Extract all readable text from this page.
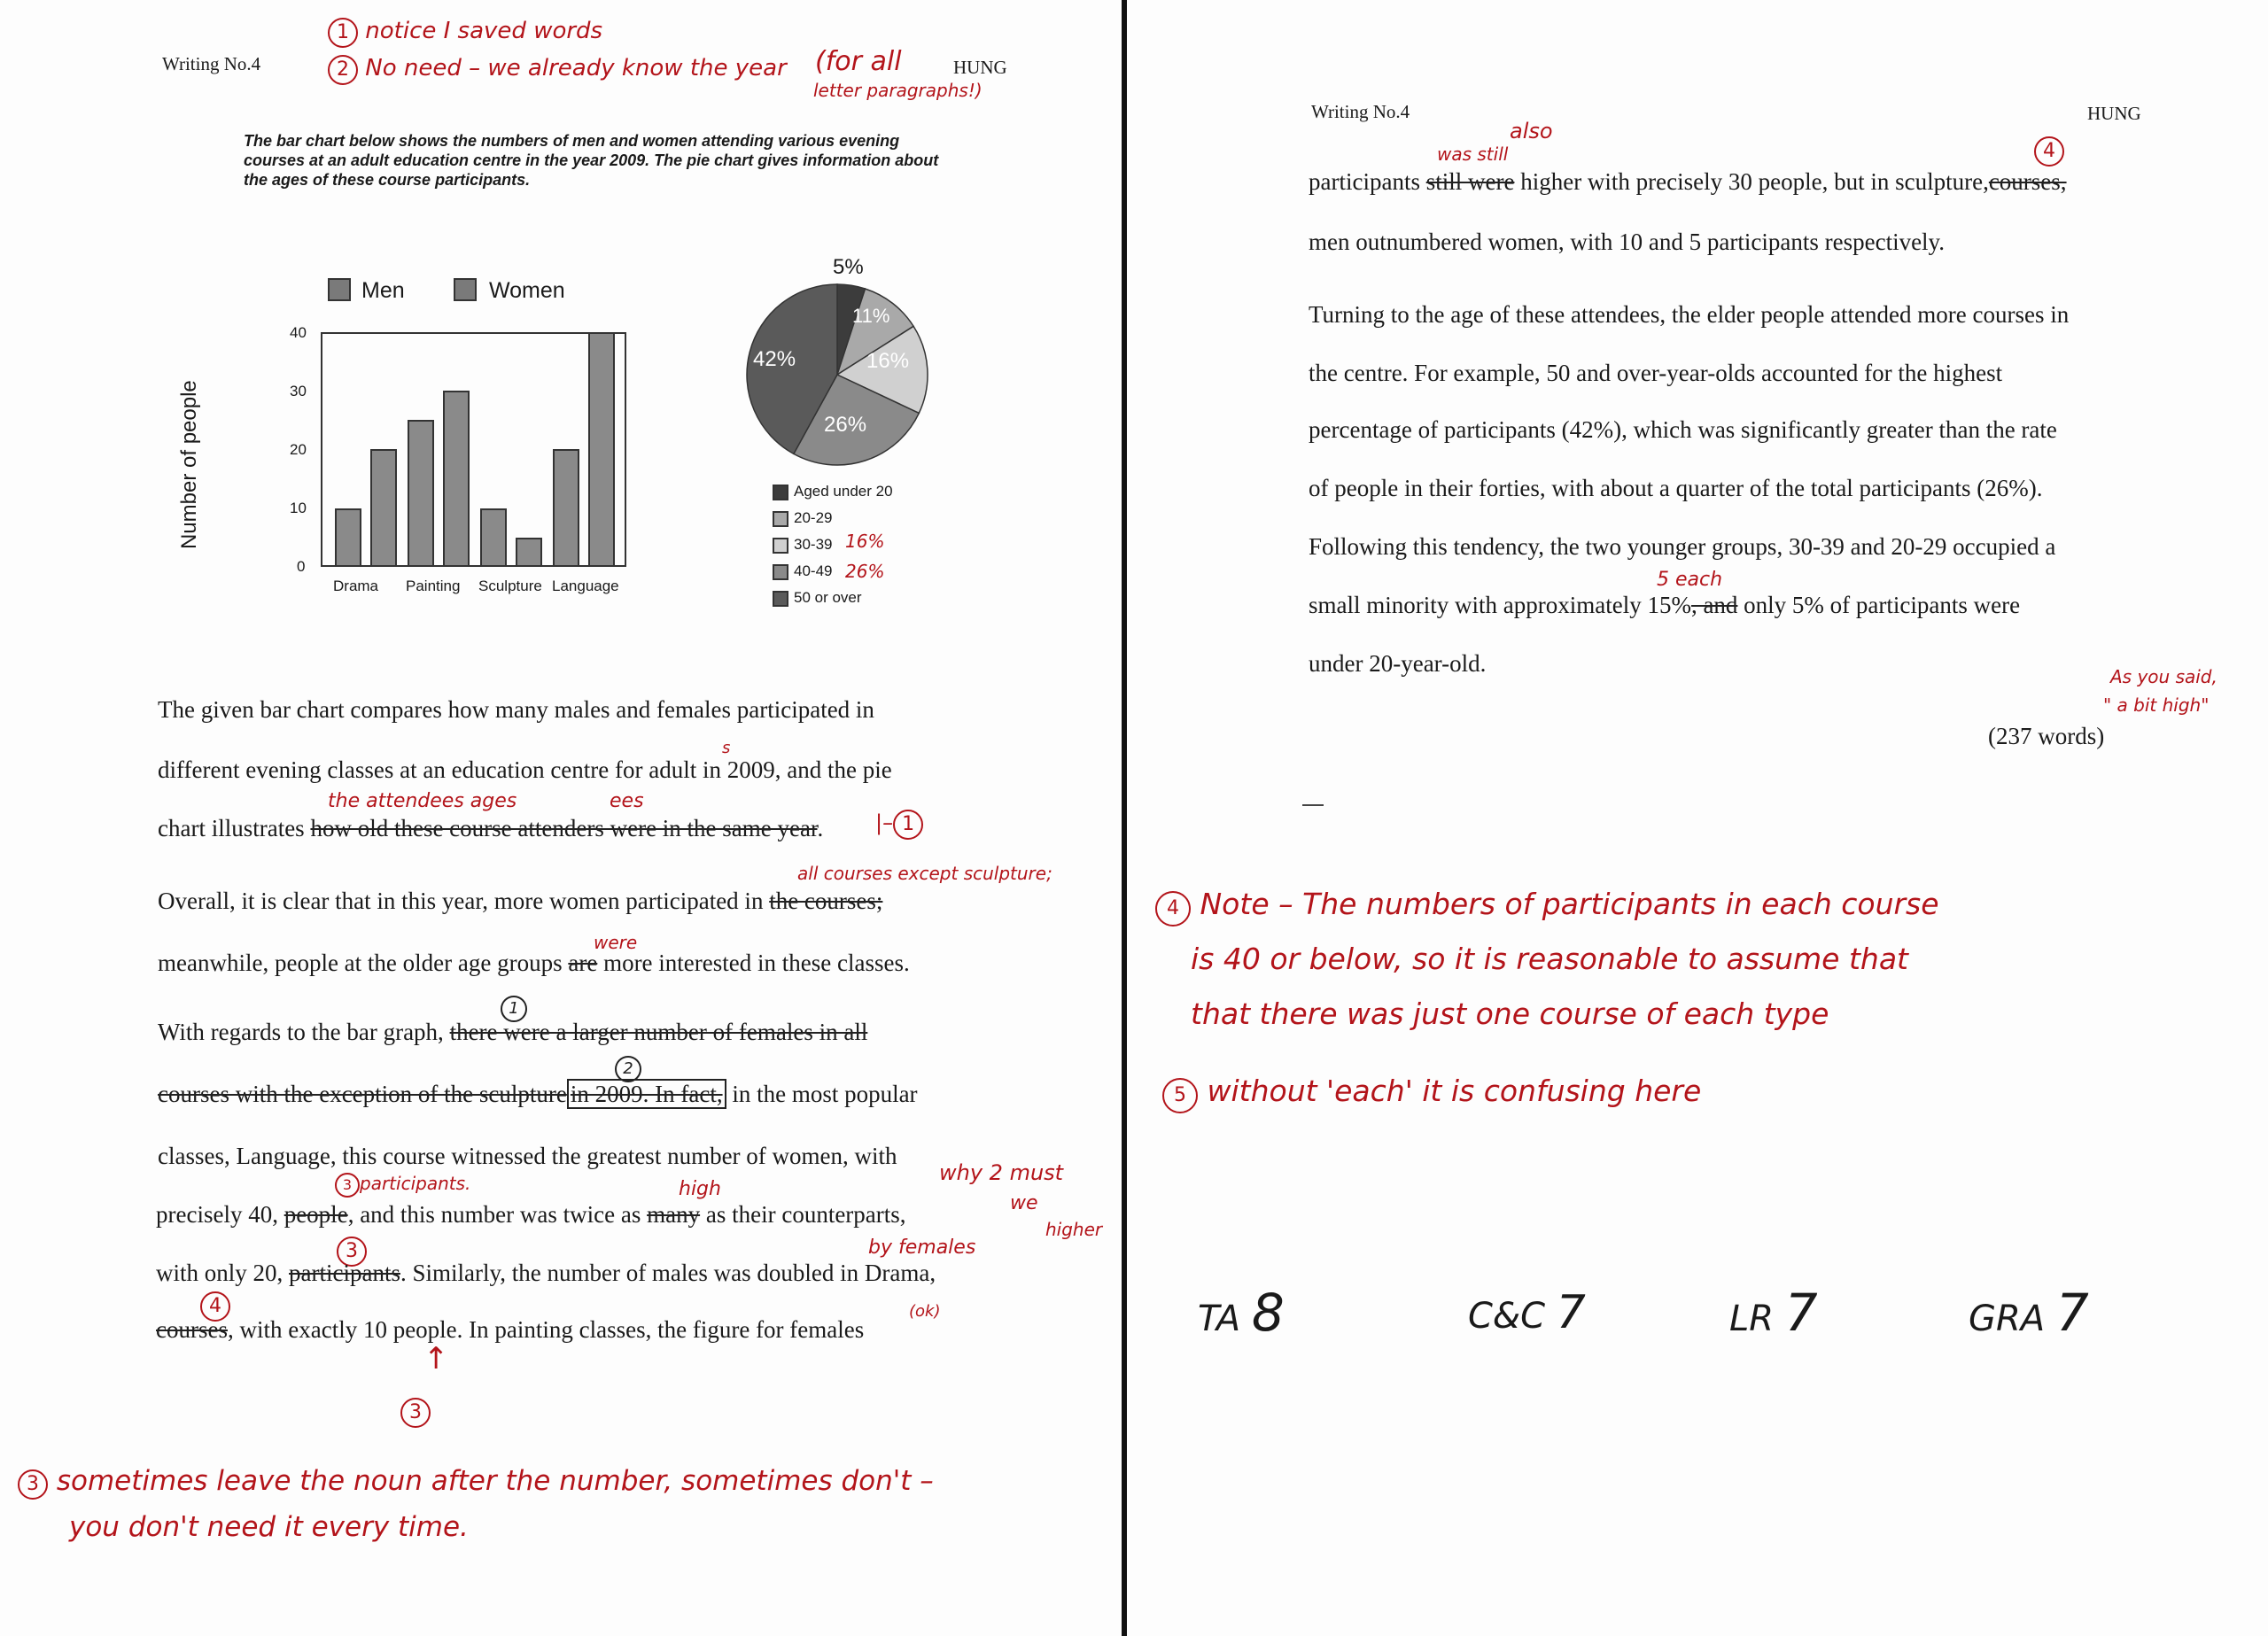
Writing No.4	HUNG
1 notice I saved words
2 No need – we already know the year (for all
letter paragraphs!)
The bar chart below shows the numbers of men and women attending various evening
courses at an adult education centre in the year 2009. The pie chart gives information about
the ages of these course participants.
Men	Women
Number of people
40
30
20
10
0
Drama Painting Sculpture Language
5%
11%
16%
26%
42%
Aged under 20
20-29
30-39 16%
40-49 26%
50 or over
The given bar chart compares how many males and females participated in
different evening classes at an education centre for adult in 2009, and the pie
s
the attendees ages	ees
chart illustrates how old these course attenders were in the same year. |– 1
all courses except sculpture;
Overall, it is clear that in this year, more women participated in the courses;
were
meanwhile, people at the older age groups are more interested in these classes.
1
With regards to the bar graph, there were a larger number of females in all
2
courses with the exception of the sculpture in 2009. In fact, in the most popular
classes, Language, this course witnessed the greatest number of women, with
why 2 must
we
higher
3 participants.	high
precisely 40, people, and this number was twice as many as their counterparts,
3	by females
with only 20, participants. Similarly, the number of males was doubled in Drama,
4	(ok)
courses, with exactly 10 people. In painting classes, the figure for females
↑
3
3 sometimes leave the noun after the number, sometimes don't –
you don't need it every time.
Writing No.4	HUNG
also
was still	4
participants still were higher with precisely 30 people, but in sculpture,courses,
men outnumbered women, with 10 and 5 participants respectively.
Turning to the age of these attendees, the elder people attended more courses in
the centre. For example, 50 and over-year-olds accounted for the highest
percentage of participants (42%), which was significantly greater than the rate
of people in their forties, with about a quarter of the total participants (26%).
Following this tendency, the two younger groups, 30-39 and 20-29 occupied a
5 each
small minority with approximately 15%, and only 5% of participants were
under 20-year-old.	As you said,
" a bit high"
(237 words)
4 Note – The numbers of participants in each course
is 40 or below, so it is reasonable to assume that
that there was just one course of each type
5 without 'each' it is confusing here
TA 8	C&C 7	LR 7	GRA 7
